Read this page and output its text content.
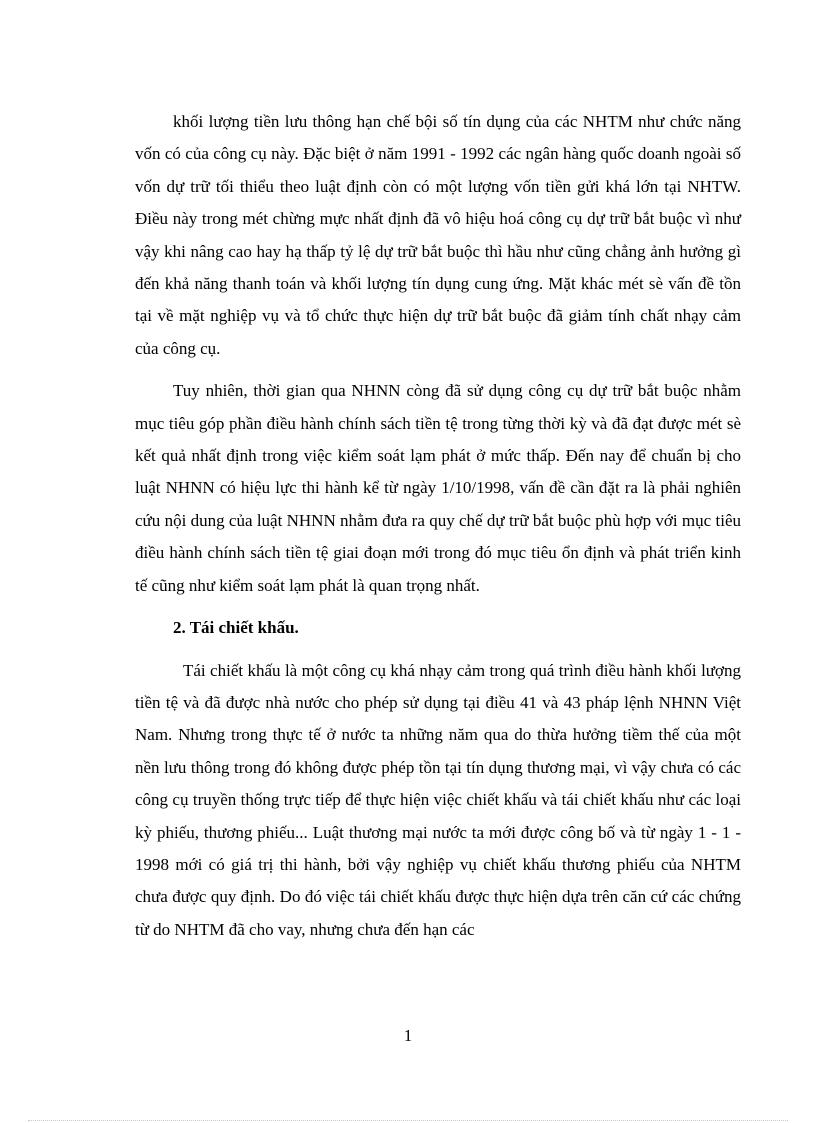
khối lượng tiền lưu thông hạn chế bội số tín dụng của các NHTM như chức năng vốn có của công cụ này. Đặc biệt ở năm 1991 - 1992 các ngân hàng quốc doanh ngoài số vốn dự trữ tối thiểu theo luật định còn có một lượng vốn tiền gửi khá lớn tại NHTW. Điều này trong mét chừng mực nhất định đã vô hiệu hoá công cụ dự trữ bắt buộc vì như vậy khi nâng cao hay hạ thấp tỷ lệ dự trữ bắt buộc thì hầu như cũng chẳng ảnh hưởng gì đến khả năng thanh toán và khối lượng tín dụng cung ứng. Mặt khác mét sè vấn đề tồn tại về mặt nghiệp vụ và tổ chức thực hiện dự trữ bắt buộc đã giảm tính chất nhạy cảm của công cụ.

Tuy nhiên, thời gian qua NHNN còng đã sử dụng công cụ dự trữ bắt buộc nhằm mục tiêu góp phần điều hành chính sách tiền tệ trong từng thời kỳ và đã đạt được mét sè kết quả nhất định trong việc kiểm soát lạm phát ở mức thấp. Đến nay để chuẩn bị cho luật NHNN có hiệu lực thi hành kể từ ngày 1/10/1998, vấn đề cần đặt ra là phải nghiên cứu nội dung của luật NHNN nhằm đưa ra quy chế dự trữ bắt buộc phù hợp với mục tiêu điều hành chính sách tiền tệ giai đoạn mới trong đó mục tiêu ổn định và phát triển kinh tế cũng như kiểm soát lạm phát là quan trọng nhất.

2. Tái chiết khấu.

Tái chiết khấu là một công cụ khá nhạy cảm trong quá trình điều hành khối lượng tiền tệ và đã được nhà nước cho phép sử dụng tại điều 41 và 43 pháp lệnh NHNN Việt Nam. Nhưng trong thực tế ở nước ta những năm qua do thừa hưởng tiềm thế của một nền lưu thông trong đó không được phép tồn tại tín dụng thương mại, vì vậy chưa có các công cụ truyền thống trực tiếp để thực hiện việc chiết khấu và tái chiết khấu như các loại kỳ phiếu, thương phiếu... Luật thương mại nước ta mới được công bố và từ ngày 1 - 1 - 1998 mới có giá trị thi hành, bởi vậy nghiệp vụ chiết khấu thương phiếu của NHTM chưa được quy định. Do đó việc tái chiết khấu được thực hiện dựa trên căn cứ các chứng từ do NHTM đã cho vay, nhưng chưa đến hạn các

1
